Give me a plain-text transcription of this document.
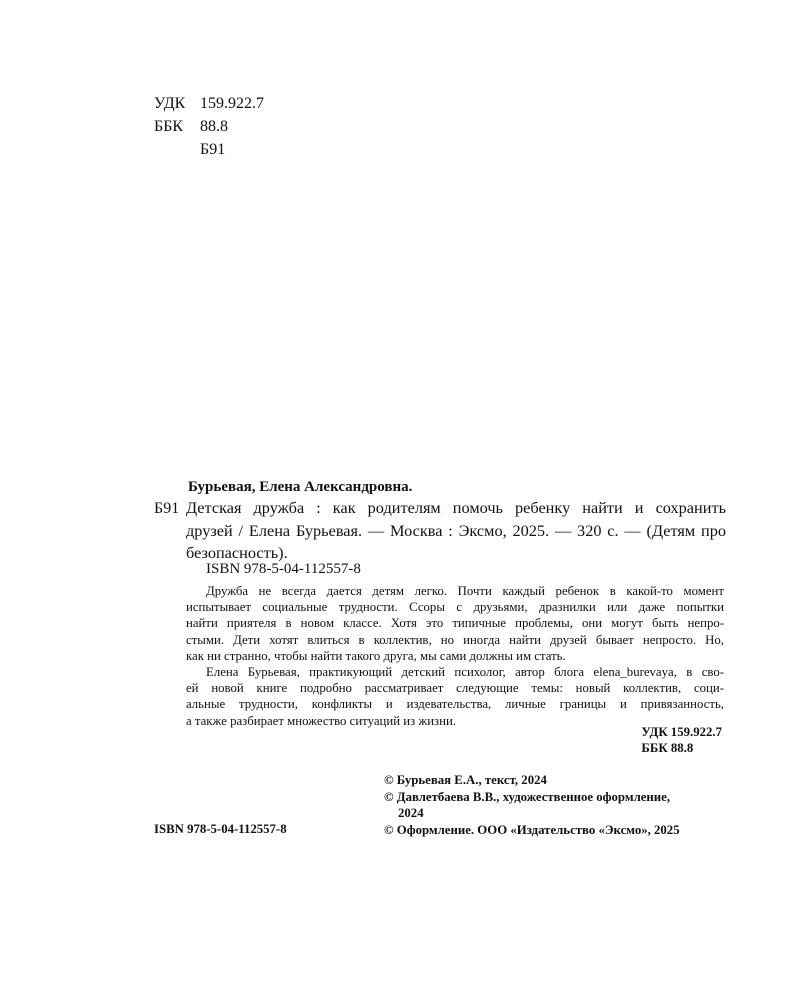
УДК 159.922.7
ББК	88.8
Б91
Бурьевая, Елена Александровна.
Б91 Детская дружба : как родителям помочь ребенку найти и сохранить
друзей / Елена Бурьевая. — Москва : Эксмо, 2025. — 320 с. — (Детям про
безопасность).
ISBN 978-5-04-112557-8
Дружба не всегда дается детям легко. Почти каждый ребенок в какой-то момент
испытывает социальные трудности. Ссоры с друзьями, дразнилки или даже попытки
найти приятеля в новом классе. Хотя это типичные проблемы, они могут быть непро-
стыми. Дети хотят влиться в коллектив, но иногда найти друзей бывает непросто. Но,
как ни странно, чтобы найти такого друга, мы сами должны им стать.
Елена Бурьевая, практикующий детский психолог, автор блога elena_burevaya, в сво-
ей новой книге подробно рассматривает следующие темы: новый коллектив, соци-
альные трудности, конфликты и издевательства, личные границы и привязанность,
а также разбирает множество ситуаций из жизни.
УДК 159.922.7
ББК 88.8
© Бурьевая Е.А., текст, 2024
© Давлетбаева В.В., художественное оформление,
2024
© Оформление. ООО «Издательство «Эксмо», 2025
ISBN 978-5-04-112557-8
